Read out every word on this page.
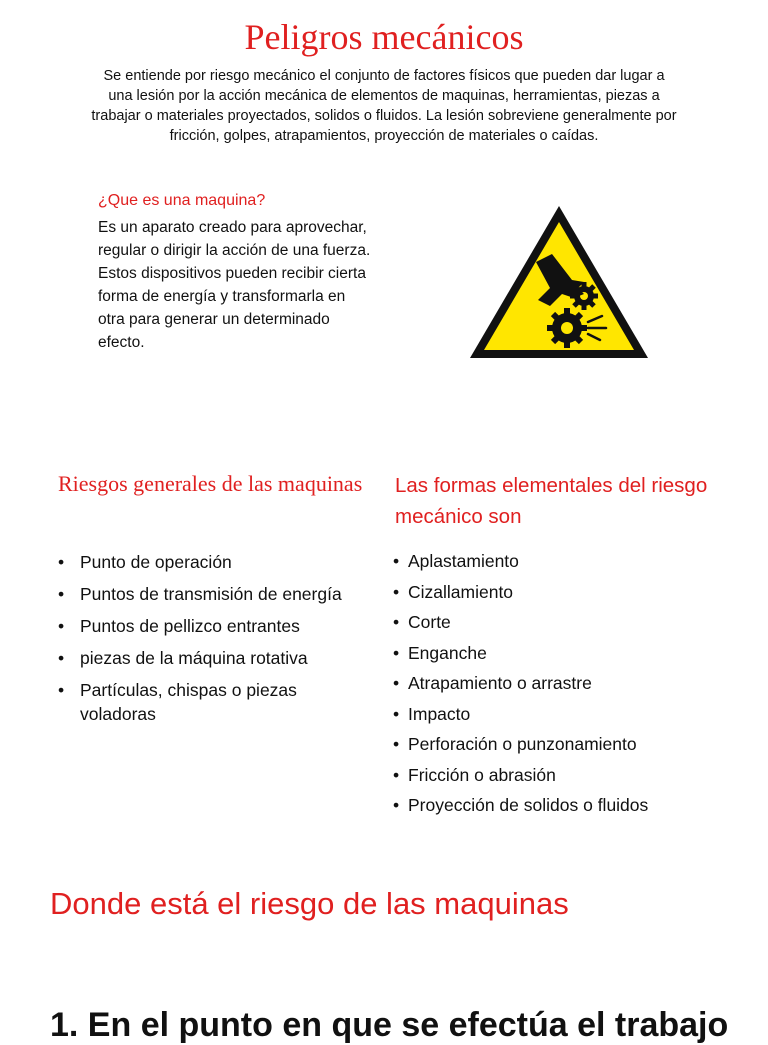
Peligros mecánicos
Se entiende por riesgo mecánico el conjunto de factores físicos que pueden dar lugar a una lesión por la acción mecánica de elementos de maquinas, herramientas, piezas a trabajar o materiales proyectados, solidos o fluidos. La lesión sobreviene generalmente por fricción, golpes, atrapamientos, proyección de materiales o caídas.
¿Que es una maquina?
Es un aparato creado para aprovechar, regular o dirigir la acción de una fuerza. Estos dispositivos pueden recibir cierta forma de energía y transformarla en otra para generar un determinado efecto.
Riesgos generales de las maquinas
• Punto de operación
• Puntos de transmisión de energía
• Puntos de pellizco entrantes
• piezas de la máquina rotativa
• Partículas, chispas o piezas voladoras
Las formas elementales del riesgo mecánico son
• Aplastamiento
• Cizallamiento
• Corte
• Enganche
• Atrapamiento o arrastre
• Impacto
• Perforación o punzonamiento
• Fricción o abrasión
• Proyección de solidos o fluidos
Donde está el riesgo de las maquinas
1. En el punto en que se efectúa el trabajo
